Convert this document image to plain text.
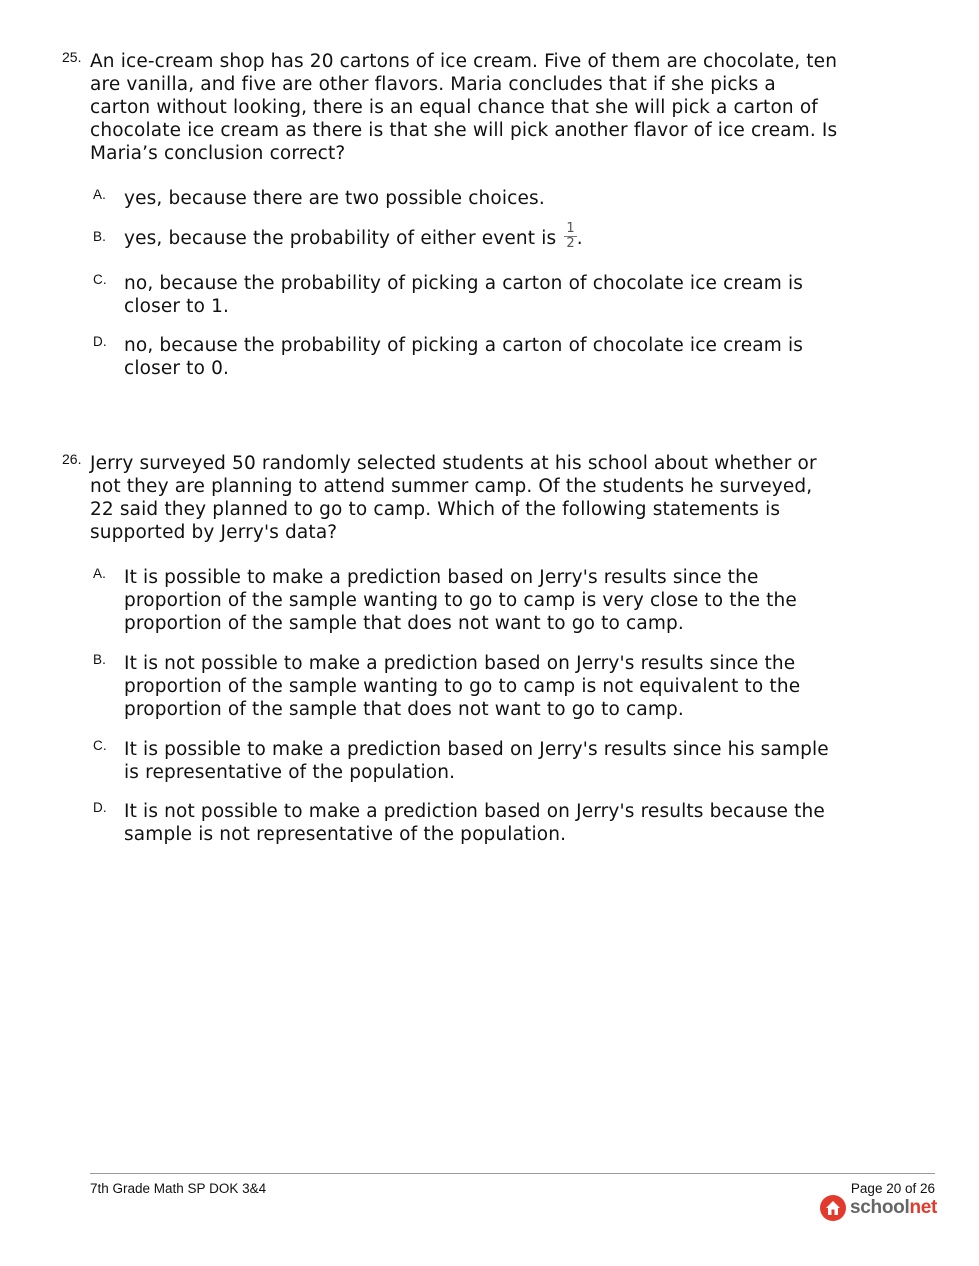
25. An ice-cream shop has 20 cartons of ice cream. Five of them are chocolate, ten are vanilla, and five are other flavors. Maria concludes that if she picks a carton without looking, there is an equal chance that she will pick a carton of chocolate ice cream as there is that she will pick another flavor of ice cream. Is Maria’s conclusion correct?
A. yes, because there are two possible choices.
B. yes, because the probability of either event is $\frac{1}{2}$ .
C. no, because the probability of picking a carton of chocolate ice cream is closer to 1.
D. no, because the probability of picking a carton of chocolate ice cream is closer to 0.
26. Jerry surveyed 50 randomly selected students at his school about whether or not they are planning to attend summer camp. Of the students he surveyed, 22 said they planned to go to camp. Which of the following statements is supported by Jerry's data?
A. It is possible to make a prediction based on Jerry's results since the proportion of the sample wanting to go to camp is very close to the the proportion of the sample that does not want to go to camp.
B. It is not possible to make a prediction based on Jerry's results since the proportion of the sample wanting to go to camp is not equivalent to the proportion of the sample that does not want to go to camp.
C. It is possible to make a prediction based on Jerry's results since his sample is representative of the population.
D. It is not possible to make a prediction based on Jerry's results because the sample is not representative of the population.
7th Grade Math SP DOK 3&4	Page 20 of 26
schoolnet
